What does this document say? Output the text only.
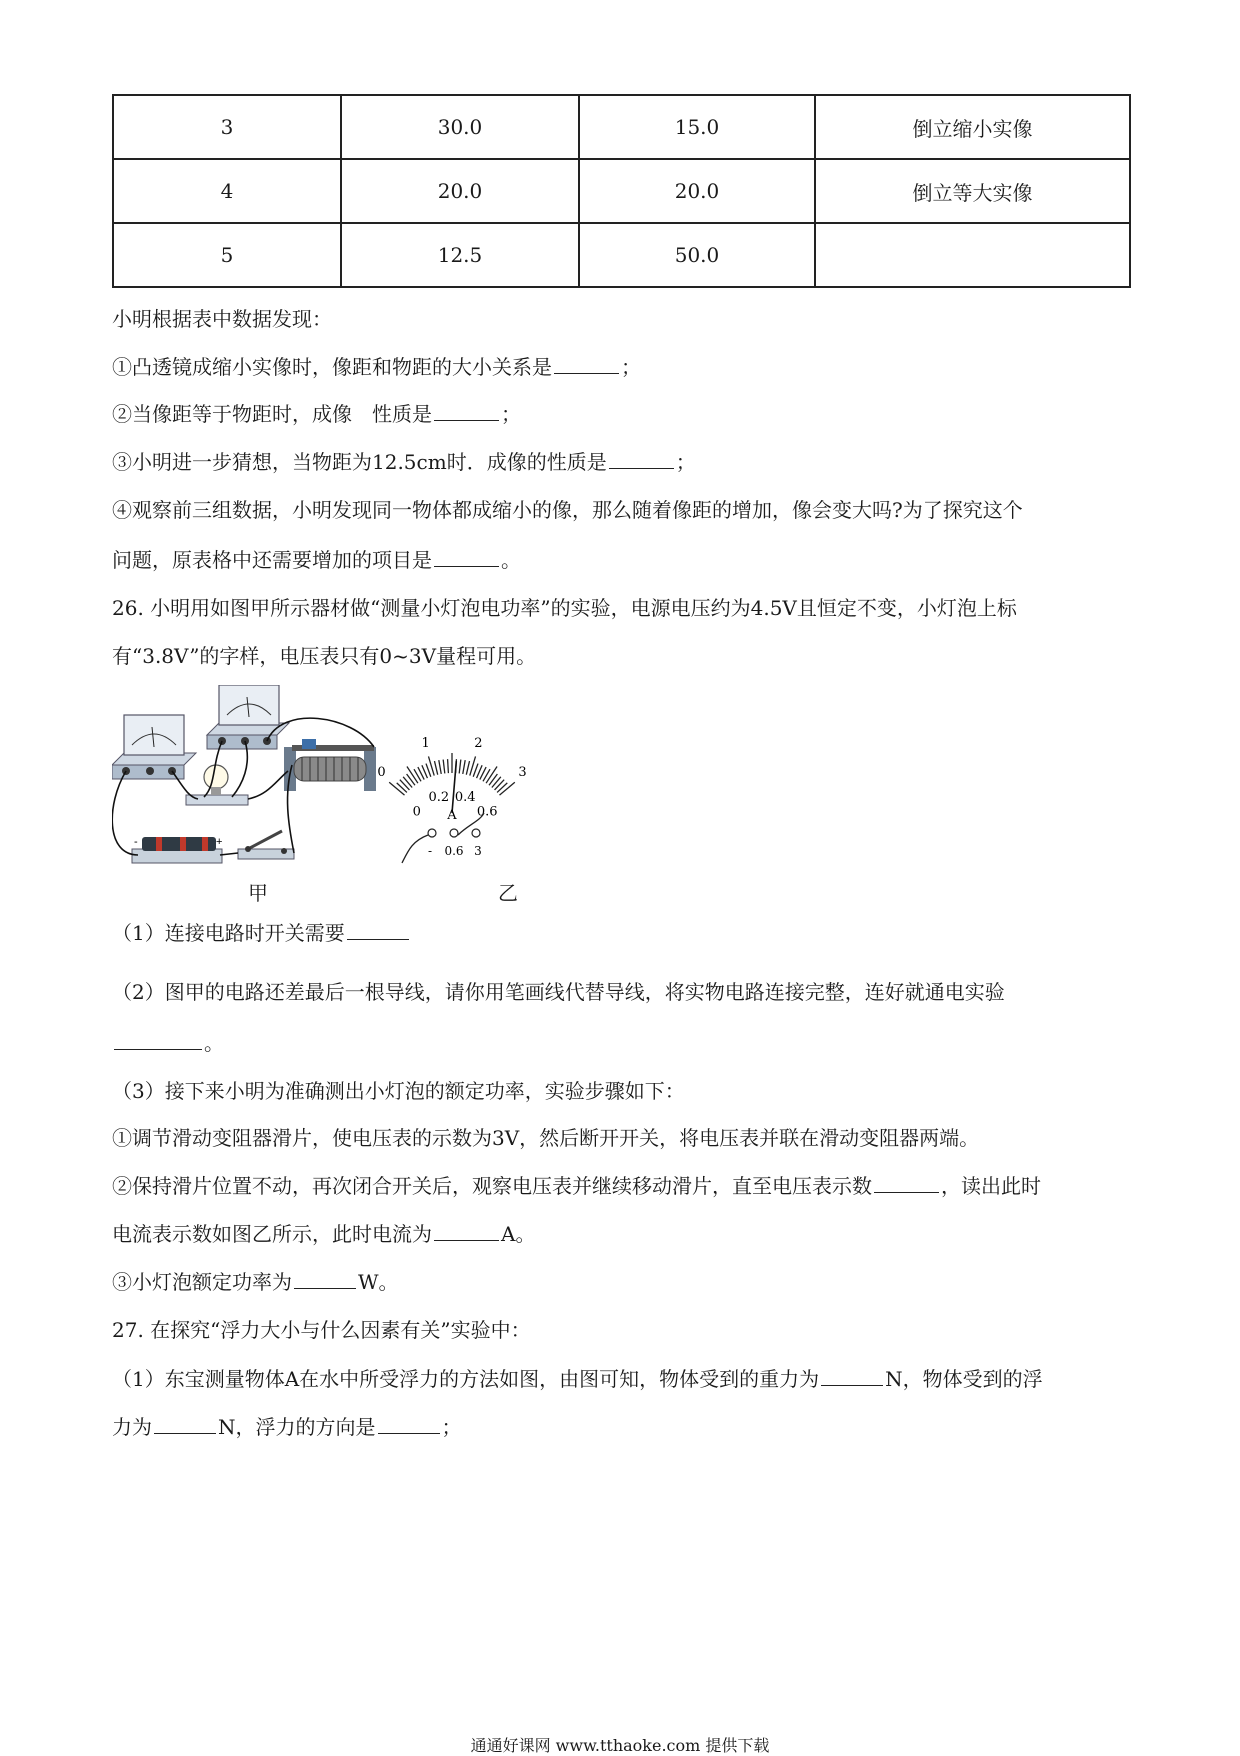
3	30.0	15.0	倒立缩小实像
4	20.0	20.0	倒立等大实像
5	12.5	50.0	
小明根据表中数据发现：
①凸透镜成缩小实像时，像距和物距的大小关系是	；
②当像距等于物距时，成像　性质是	；
③小明进一步猜想，当物距为12.5cm时．成像的性质是	；
④观察前三组数据，小明发现同一物体都成缩小的像，那么随着像距的增加，像会变大吗?为了探究这个
问题，原表格中还需要增加的项目是	。
26. 小明用如图甲所示器材做“测量小灯泡电功率”的实验，电源电压约为4.5V且恒定不变，小灯泡上标
有“3.8V”的字样，电压表只有0~3V量程可用。
-	+
0
1	2
3
0
0.2 0.4
0.6
A
- 0.6 3
甲	乙
（1）连接电路时开关需要
（2）图甲的电路还差最后一根导线，请你用笔画线代替导线，将实物电路连接完整，连好就通电实验
。
（3）接下来小明为准确测出小灯泡的额定功率，实验步骤如下：
①调节滑动变阻器滑片，使电压表的示数为3V，然后断开开关，将电压表并联在滑动变阻器两端。
②保持滑片位置不动，再次闭合开关后，观察电压表并继续移动滑片，直至电压表示数	，读出此时
电流表示数如图乙所示，此时电流为	A。
③小灯泡额定功率为	W。
27. 在探究“浮力大小与什么因素有关”实验中：
（1）东宝测量物体A在水中所受浮力的方法如图，由图可知，物体受到的重力为	N，物体受到的浮
力为	N，浮力的方向是	；
通通好课网 www.tthaoke.com 提供下载
